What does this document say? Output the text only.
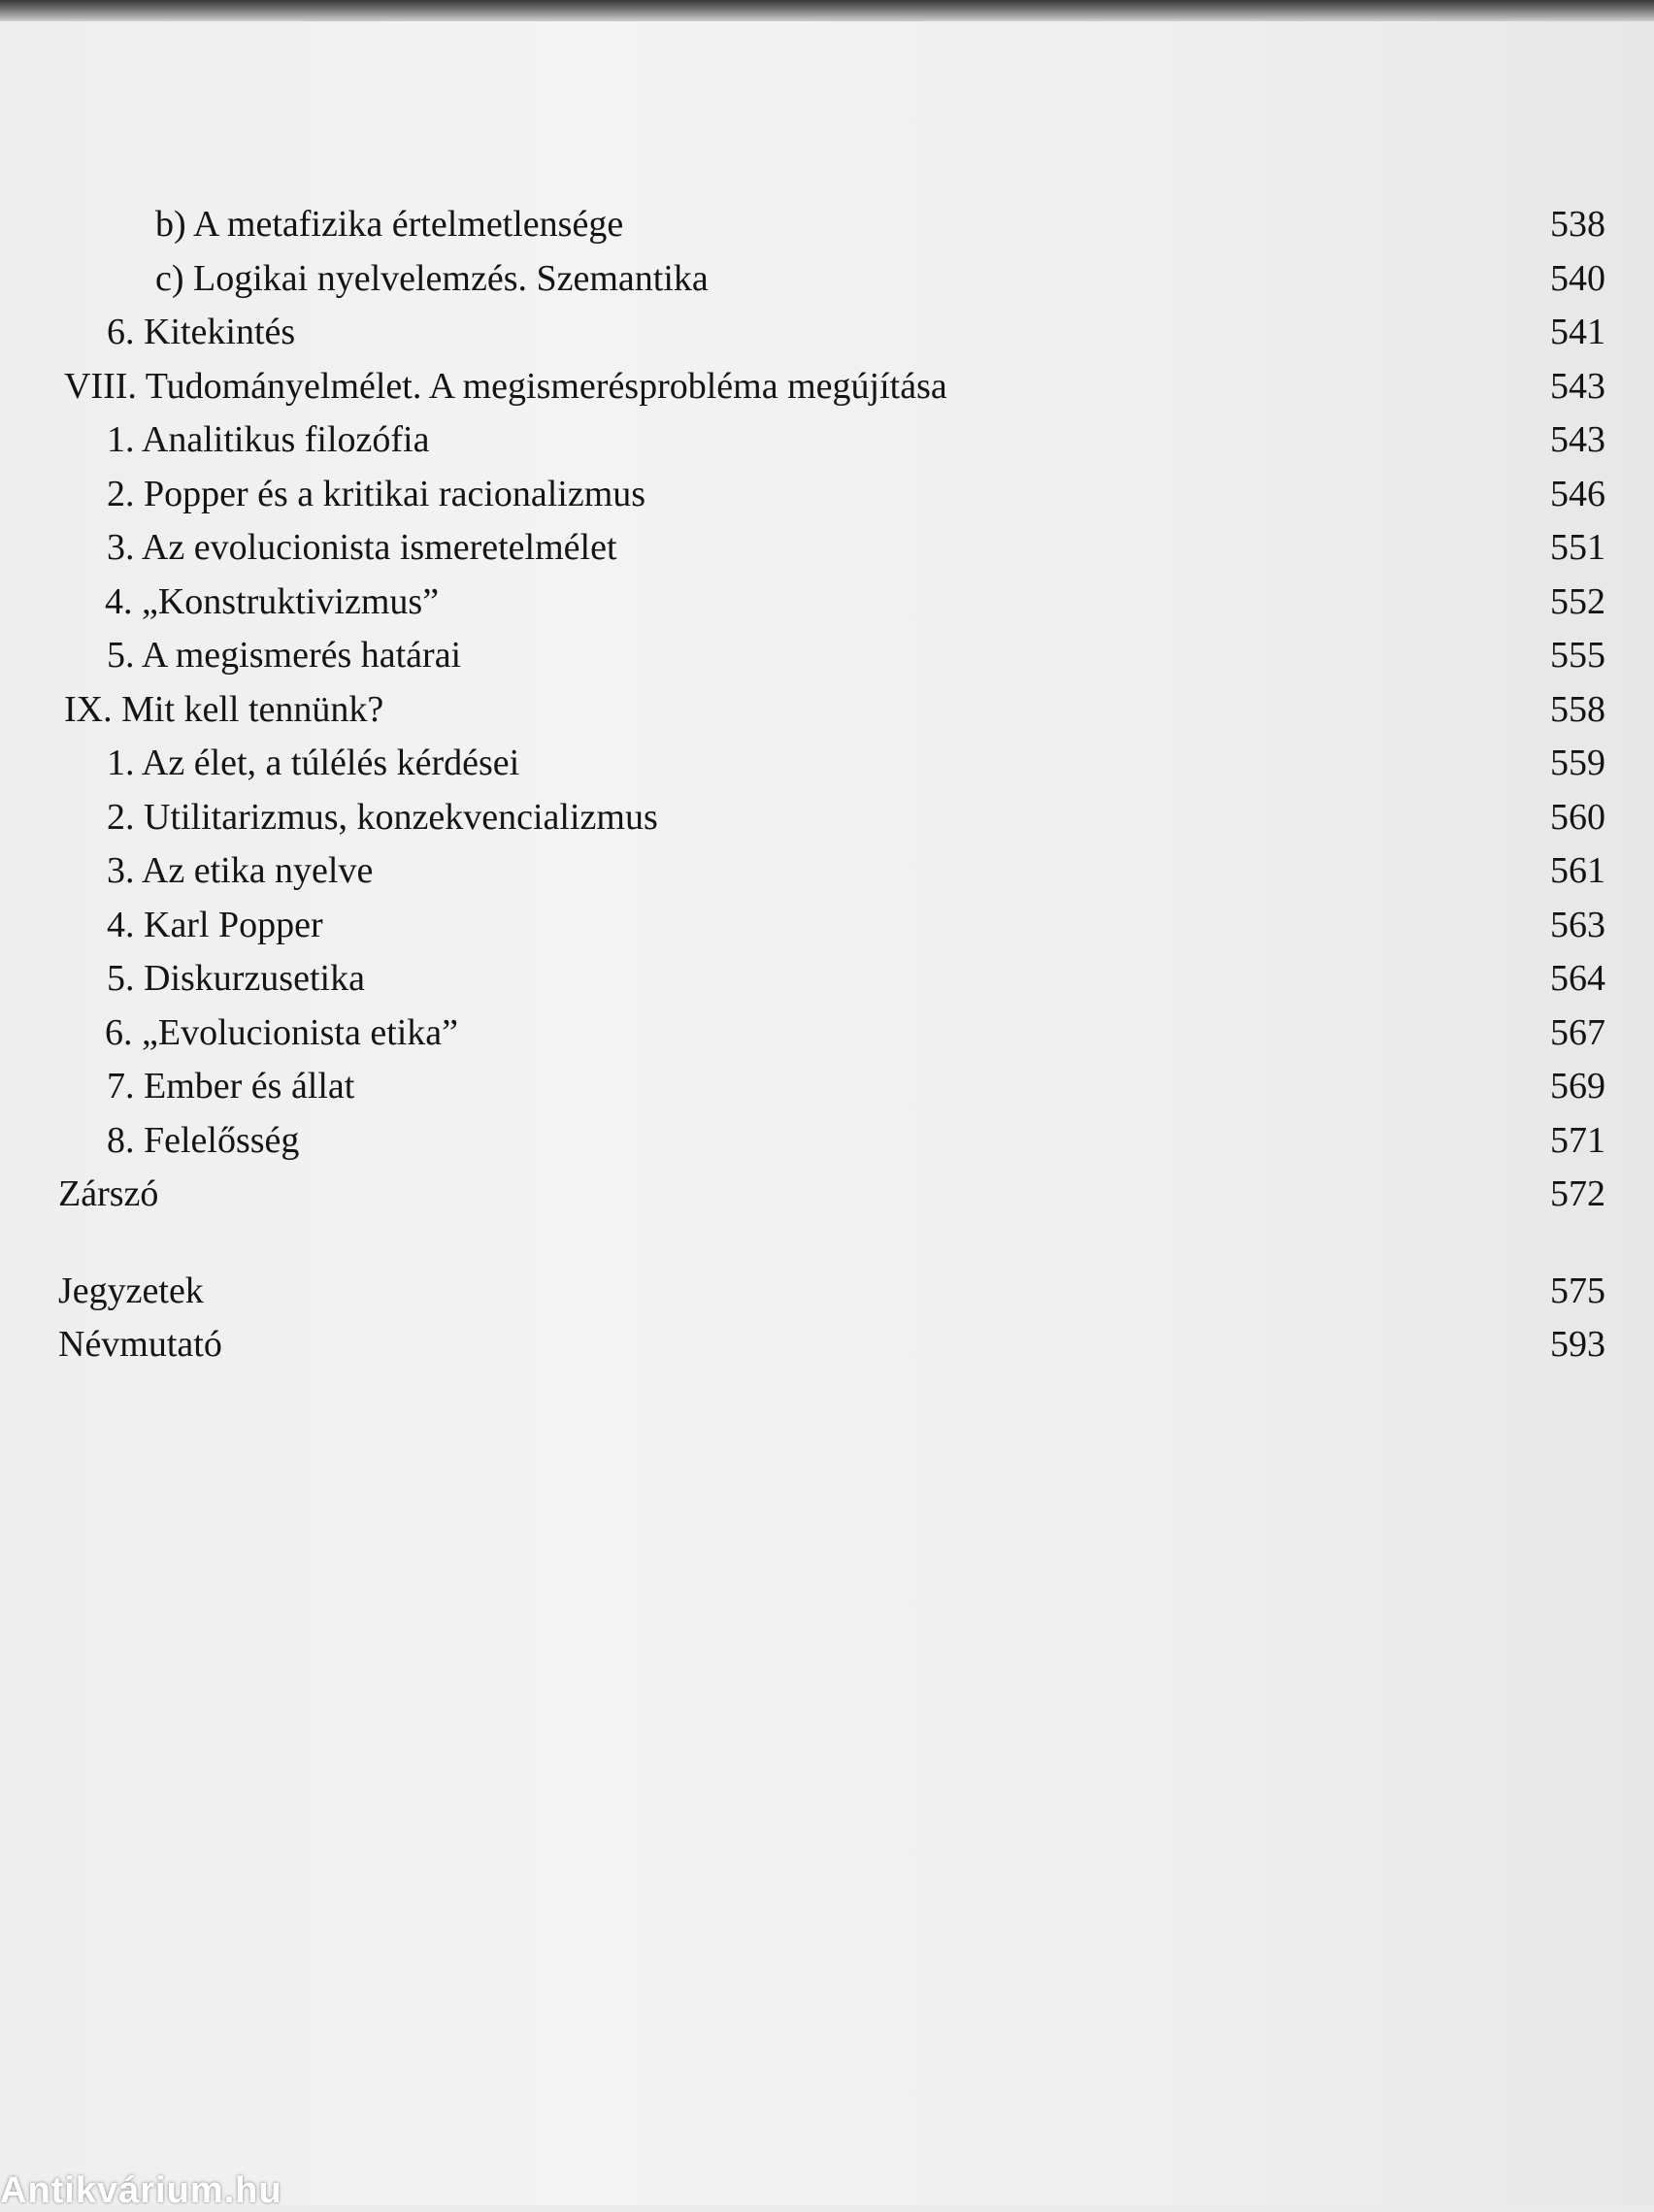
b) A metafizika értelmetlensége	538
c) Logikai nyelvelemzés. Szemantika	540
6. Kitekintés	541
VIII. Tudományelmélet. A megismerésprobléma megújítása	543
1. Analitikus filozófia	543
2. Popper és a kritikai racionalizmus	546
3. Az evolucionista ismeretelmélet	551
4. „Konstruktivizmus”	552
5. A megismerés határai	555
IX. Mit kell tennünk?	558
1. Az élet, a túlélés kérdései	559
2. Utilitarizmus, konzekvencializmus	560
3. Az etika nyelve	561
4. Karl Popper	563
5. Diskurzusetika	564
6. „Evolucionista etika”	567
7. Ember és állat	569
8. Felelősség	571
Zárszó	572
Jegyzetek	575
Névmutató	593
Antikvárium.hu
